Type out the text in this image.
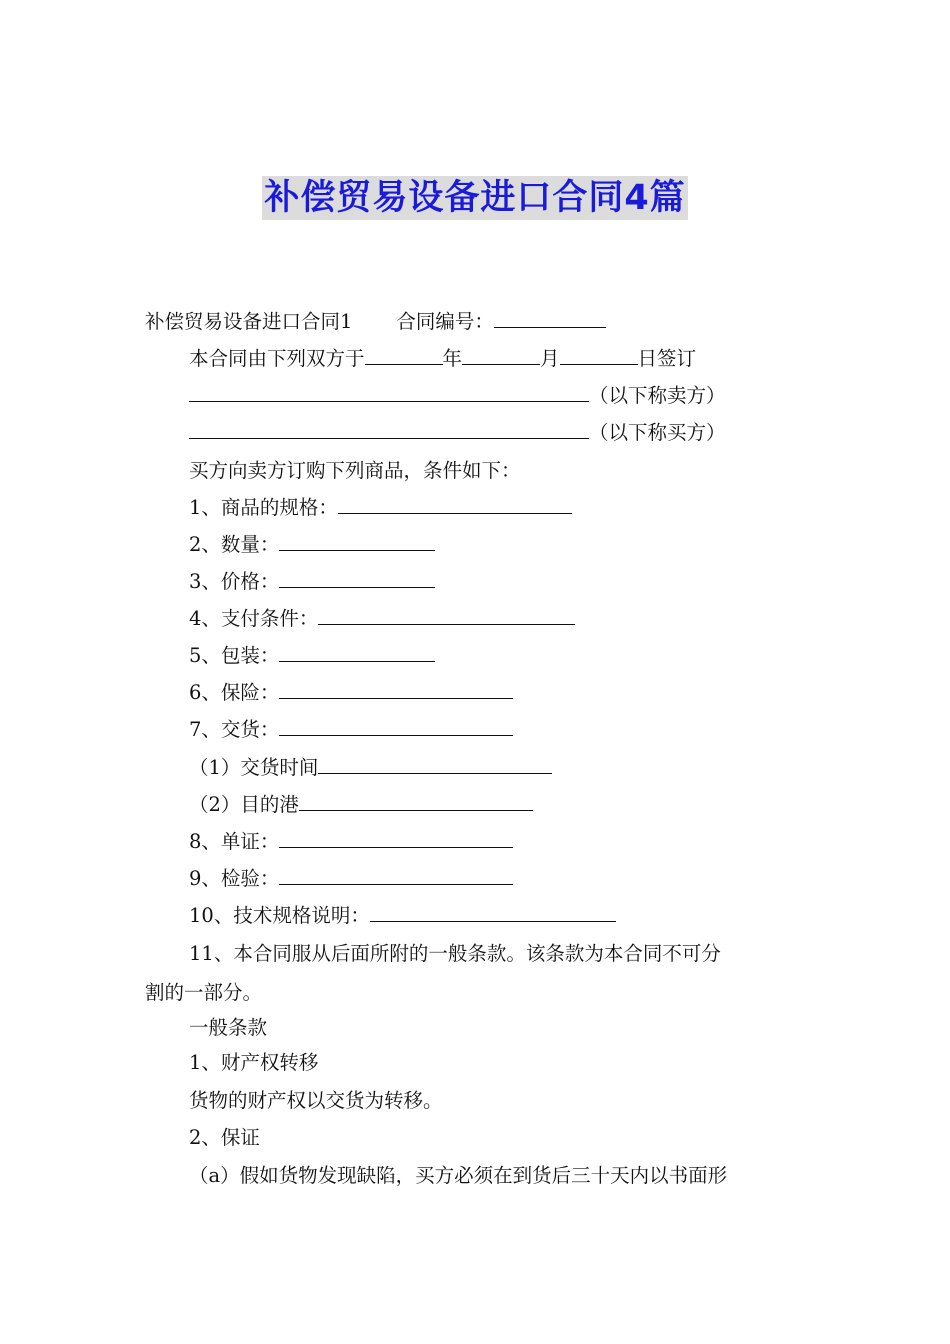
补偿贸易设备进口合同4篇
补偿贸易设备进口合同1 合同编号：
本合同由下列双方于	年	月	日签订
（以下称卖方）
（以下称买方）
买方向卖方订购下列商品，条件如下：
1、商品的规格：
2、数量：
3、价格：
4、支付条件：
5、包装：
6、保险：
7、交货：
（1）交货时间
（2）目的港
8、单证：
9、检验：
10、技术规格说明：
11、本合同服从后面所附的一般条款。该条款为本合同不可分
割的一部分。
一般条款
1、财产权转移
货物的财产权以交货为转移。
2、保证
（a）假如货物发现缺陷，买方必须在到货后三十天内以书面形
